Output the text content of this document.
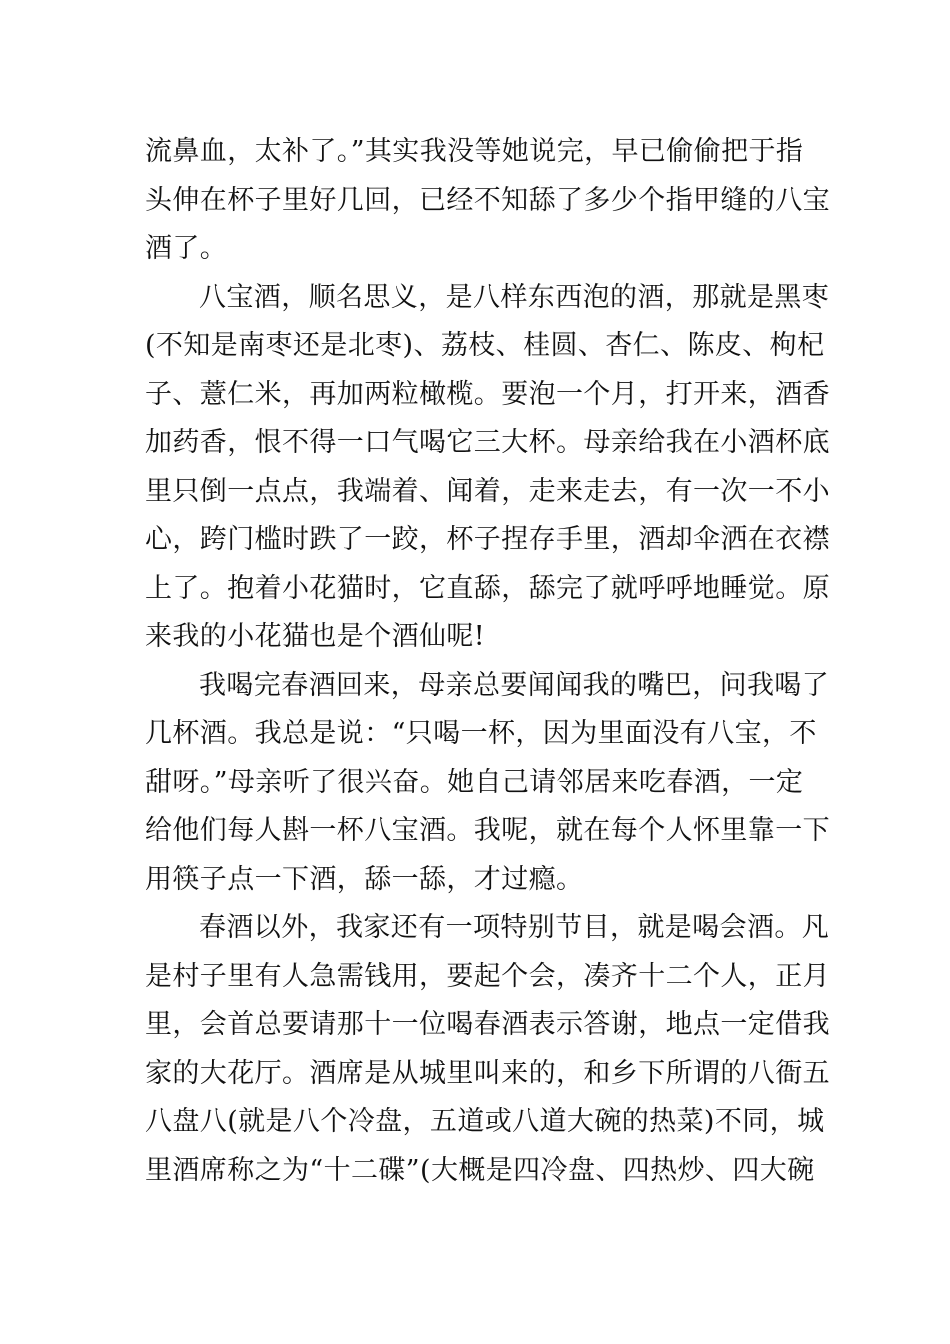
流鼻血，太补了。”其实我没等她说完，早已偷偷把于指
头伸在杯子里好几回，已经不知舔了多少个指甲缝的八宝
酒了。
八宝酒，顺名思义，是八样东西泡的酒，那就是黑枣
(不知是南枣还是北枣)、荔枝、桂圆、杏仁、陈皮、枸杞
子、薏仁米，再加两粒橄榄。要泡一个月，打开来，酒香
加药香，恨不得一口气喝它三大杯。母亲给我在小酒杯底
里只倒一点点，我端着、闻着，走来走去，有一次一不小
心，跨门槛时跌了一跤，杯子捏存手里，酒却伞洒在衣襟
上了。抱着小花猫时，它直舔，舔完了就呼呼地睡觉。原
来我的小花猫也是个酒仙呢!
我喝完春酒回来，母亲总要闻闻我的嘴巴，问我喝了
几杯酒。我总是说：“只喝一杯，因为里面没有八宝，不
甜呀。”母亲听了很兴奋。她自己请邻居来吃春酒，一定
给他们每人斟一杯八宝酒。我呢，就在每个人怀里靠一下
用筷子点一下酒，舔一舔，才过瘾。
春酒以外，我家还有一项特别节目，就是喝会酒。凡
是村子里有人急需钱用，要起个会，凑齐十二个人，正月
里，会首总要请那十一位喝春酒表示答谢，地点一定借我
家的大花厅。酒席是从城里叫来的，和乡下所谓的八衙五
八盘八(就是八个冷盘，五道或八道大碗的热菜)不同，城
里酒席称之为“十二碟”(大概是四冷盘、四热炒、四大碗
